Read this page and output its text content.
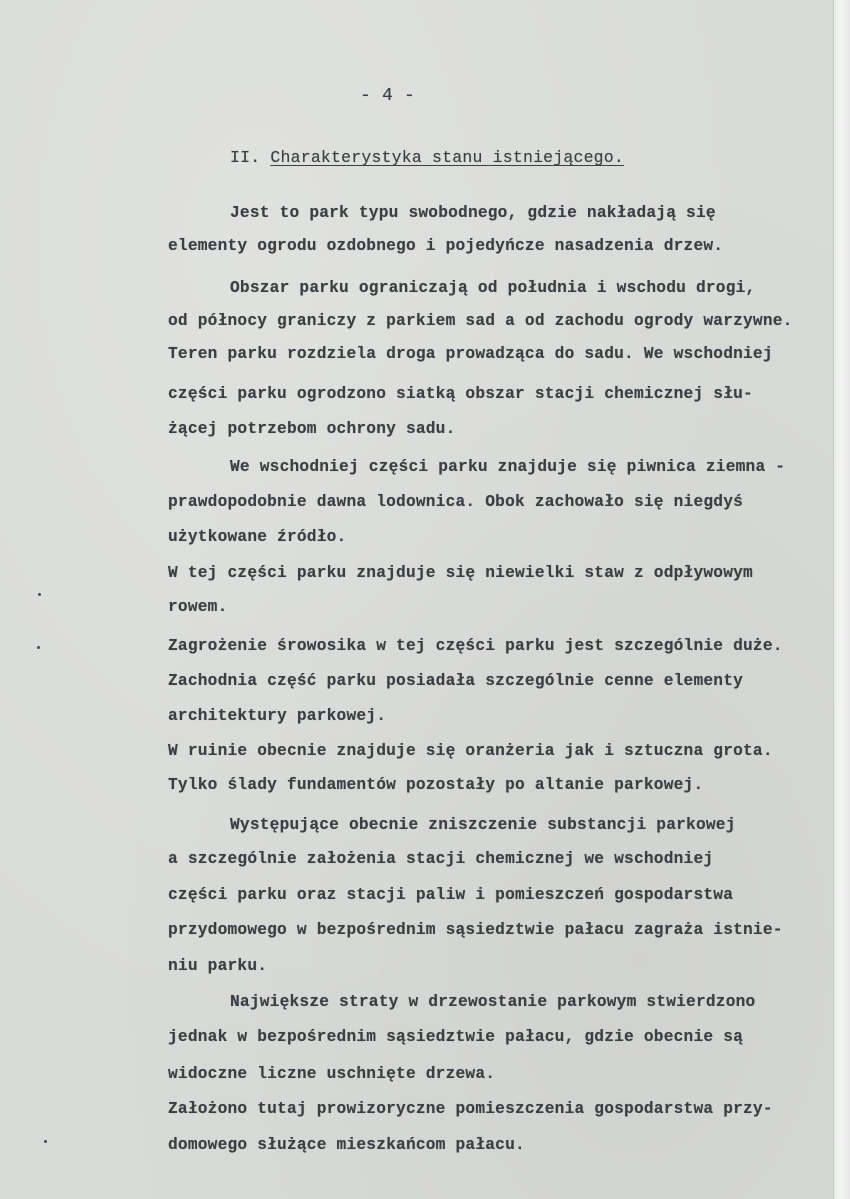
- 4 -
II. Charakterystyka stanu istniejącego.
Jest to park typu swobodnego, gdzie nakładają się
elementy ogrodu ozdobnego i pojedyńcze nasadzenia drzew.
Obszar parku ograniczają od południa i wschodu drogi,
od północy graniczy z parkiem sad a od zachodu ogrody warzywne.
Teren parku rozdziela droga prowadząca do sadu. We wschodniej
części parku ogrodzono siatką obszar stacji chemicznej słu-
żącej potrzebom ochrony sadu.
We wschodniej części parku znajduje się piwnica ziemna -
prawdopodobnie dawna lodownica. Obok zachowało się niegdyś
użytkowane źródło.
W tej części parku znajduje się niewielki staw z odpływowym
rowem.
Zagrożenie śrowosika w tej części parku jest szczególnie duże.
Zachodnia część parku posiadała szczególnie cenne elementy
architektury parkowej.
W ruinie obecnie znajduje się oranżeria jak i sztuczna grota.
Tylko ślady fundamentów pozostały po altanie parkowej.
Występujące obecnie zniszczenie substancji parkowej
a szczególnie założenia stacji chemicznej we wschodniej
części parku oraz stacji paliw i pomieszczeń gospodarstwa
przydomowego w bezpośrednim sąsiedztwie pałacu zagraża istnie-
niu parku.
Największe straty w drzewostanie parkowym stwierdzono
jednak w bezpośrednim sąsiedztwie pałacu, gdzie obecnie są
widoczne liczne uschnięte drzewa.
Założono tutaj prowizoryczne pomieszczenia gospodarstwa przy-
domowego służące mieszkańcom pałacu.
